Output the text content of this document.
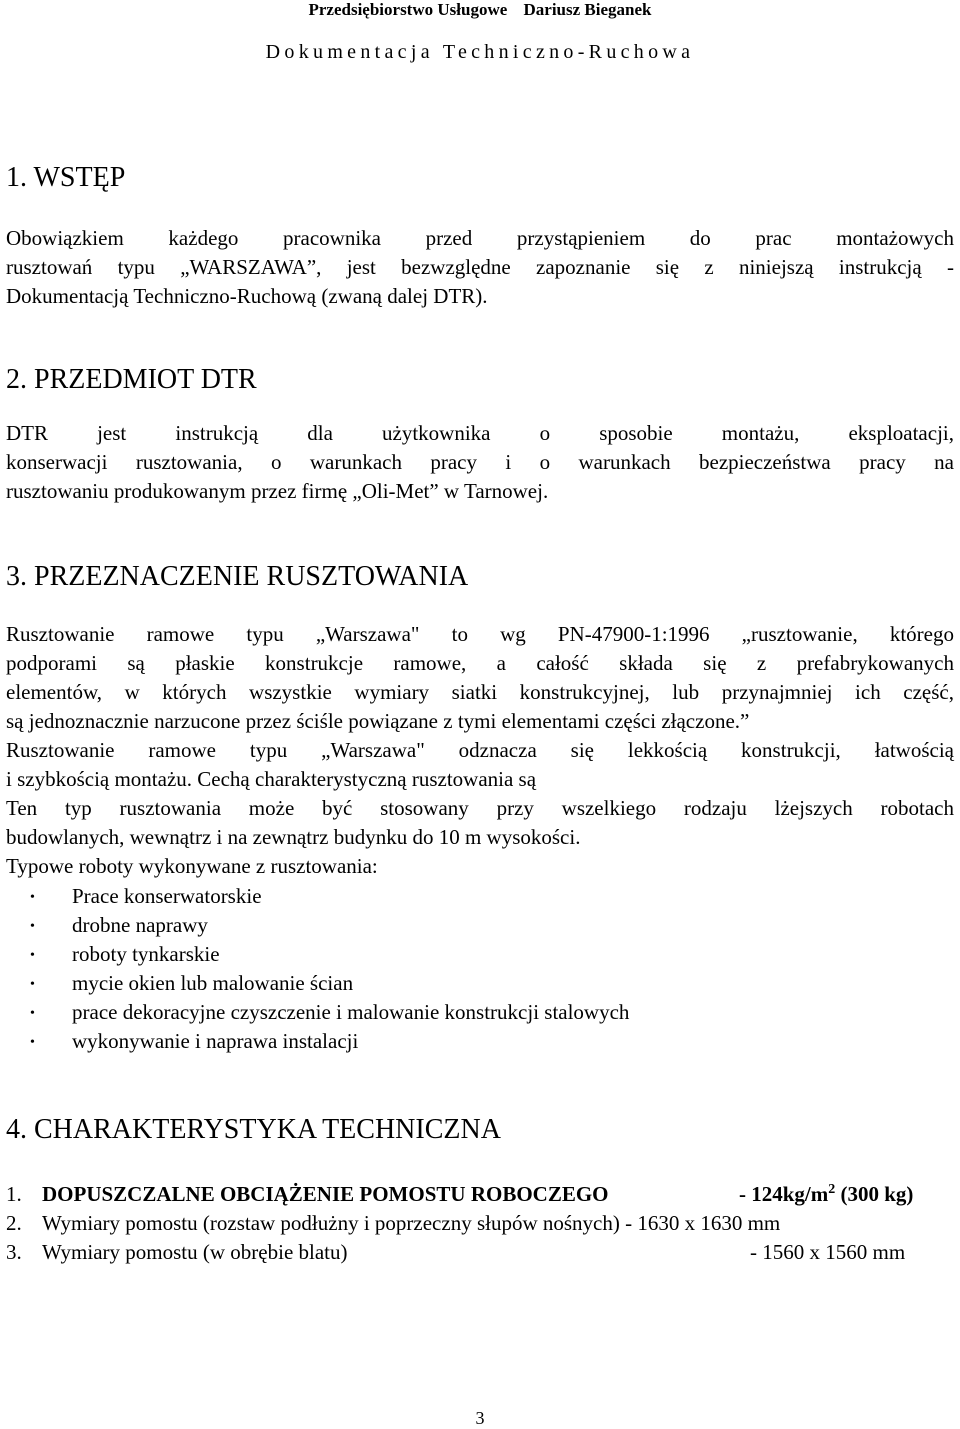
Przedsiębiorstwo Usługowe Dariusz Bieganek
Dokumentacja Techniczno-Ruchowa
1. WSTĘP
Obowiązkiem każdego pracownika przed przystąpieniem do prac montażowych
rusztowań typu „WARSZAWA”, jest bezwzględne zapoznanie się z niniejszą instrukcją -
Dokumentacją Techniczno-Ruchową (zwaną dalej DTR).
2. PRZEDMIOT DTR
DTR jest instrukcją dla użytkownika o sposobie montażu, eksploatacji,
konserwacji rusztowania, o warunkach pracy i o warunkach bezpieczeństwa pracy na
rusztowaniu produkowanym przez firmę „Oli-Met” w Tarnowej.
3. PRZEZNACZENIE RUSZTOWANIA
Rusztowanie ramowe typu „Warszawa" to wg PN-47900-1:1996 „rusztowanie, którego
podporami są płaskie konstrukcje ramowe, a całość składa się z prefabrykowanych
elementów, w których wszystkie wymiary siatki konstrukcyjnej, lub przynajmniej ich część,
są jednoznacznie narzucone przez ściśle powiązane z tymi elementami części złączone.”
Rusztowanie ramowe typu „Warszawa" odznacza się lekkością konstrukcji, łatwością
i szybkością montażu. Cechą charakterystyczną rusztowania są
Ten typ rusztowania może być stosowany przy wszelkiego rodzaju lżejszych robotach
budowlanych, wewnątrz i na zewnątrz budynku do 10 m wysokości.
Typowe roboty wykonywane z rusztowania:
• Prace konserwatorskie
• drobne naprawy
• roboty tynkarskie
• mycie okien lub malowanie ścian
• prace dekoracyjne czyszczenie i malowanie konstrukcji stalowych
• wykonywanie i naprawa instalacji
4. CHARAKTERYSTYKA TECHNICZNA
1. DOPUSZCZALNE OBCIĄŻENIE POMOSTU ROBOCZEGO	- $124kg/m^2$ (300 kg)
2. Wymiary pomostu (rozstaw podłużny i poprzeczny słupów nośnych) - 1630 x 1630 mm
3. Wymiary pomostu (w obrębie blatu)	- 1560 x 1560 mm
3
